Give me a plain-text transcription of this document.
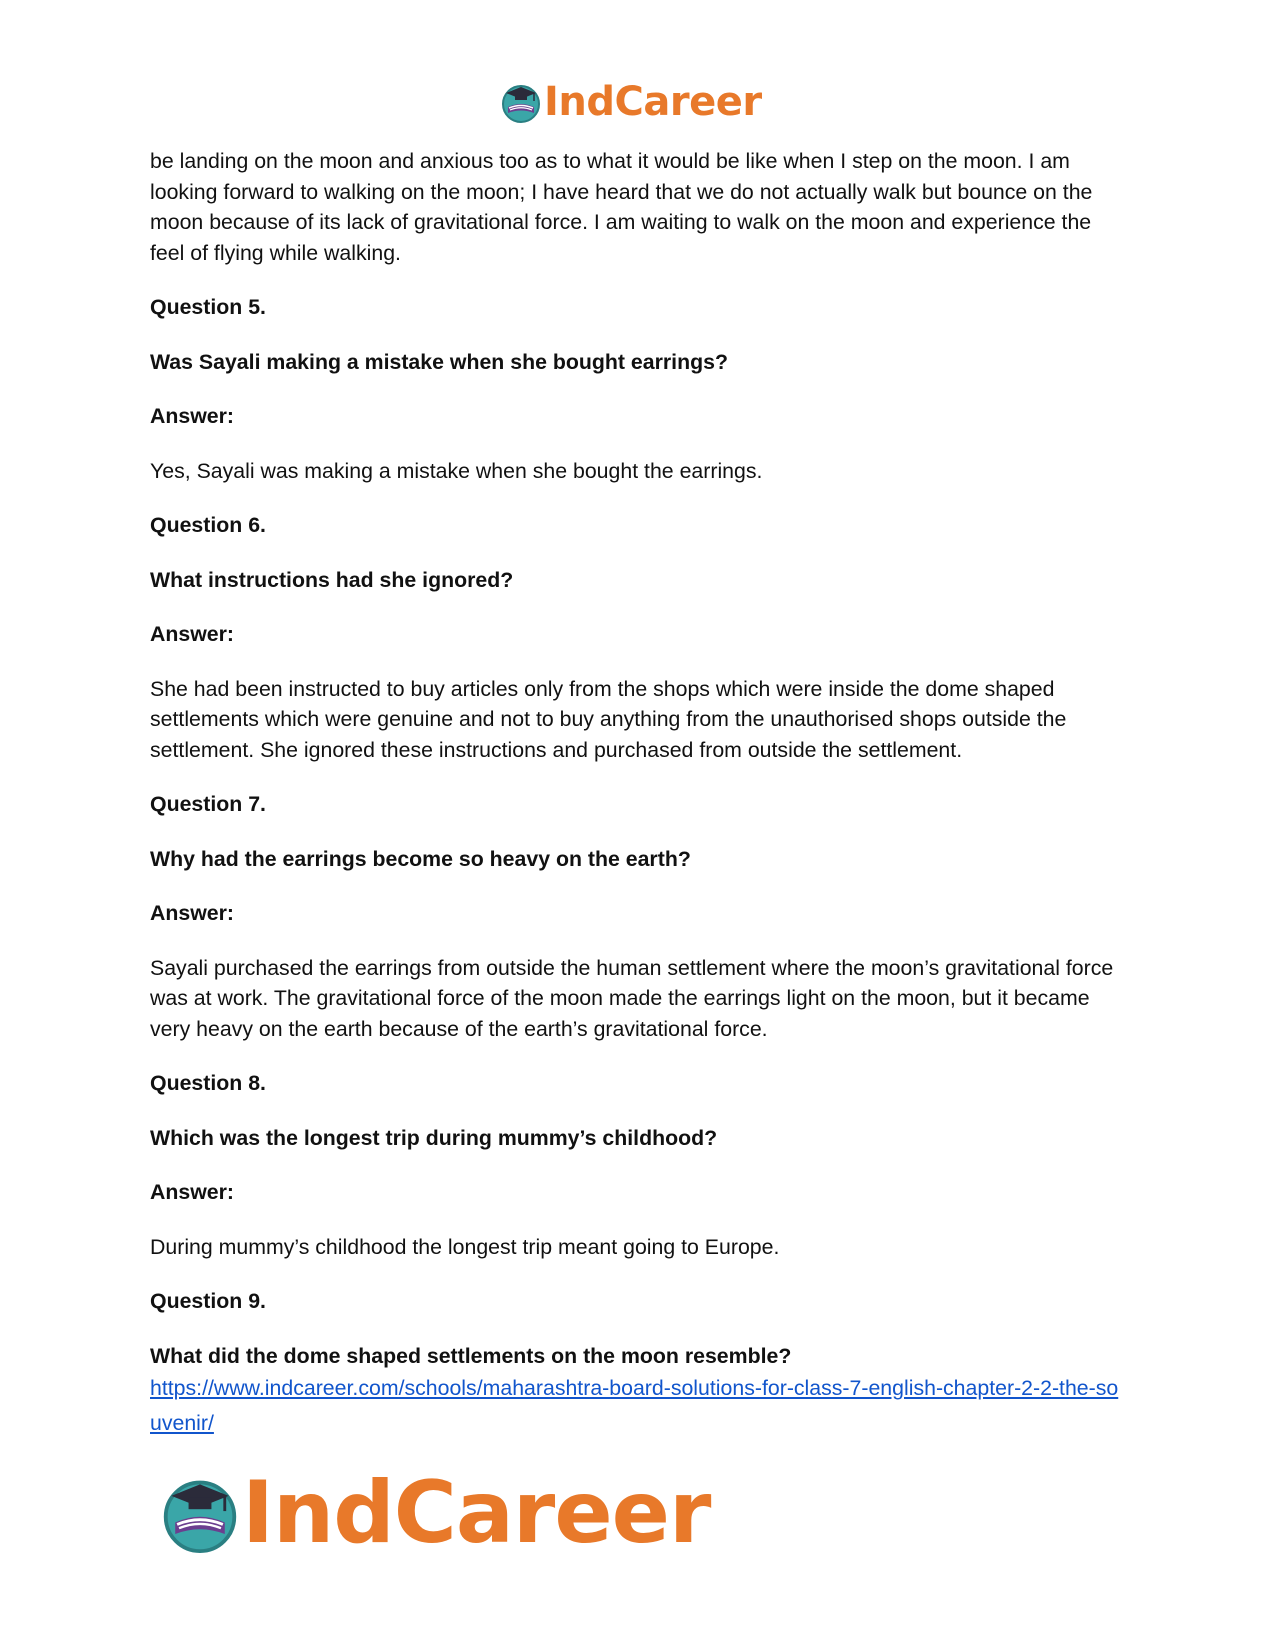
IndCareer

be landing on the moon and anxious too as to what it would be like when I step on the moon. I am looking forward to walking on the moon; I have heard that we do not actually walk but bounce on the moon because of its lack of gravitational force. I am waiting to walk on the moon and experience the feel of flying while walking.

Question 5.

Was Sayali making a mistake when she bought earrings?

Answer:

Yes, Sayali was making a mistake when she bought the earrings.

Question 6.

What instructions had she ignored?

Answer:

She had been instructed to buy articles only from the shops which were inside the dome shaped settlements which were genuine and not to buy anything from the unauthorised shops outside the settlement. She ignored these instructions and purchased from outside the settlement.

Question 7.

Why had the earrings become so heavy on the earth?

Answer:

Sayali purchased the earrings from outside the human settlement where the moon’s gravitational force was at work. The gravitational force of the moon made the earrings light on the moon, but it became very heavy on the earth because of the earth’s gravitational force.

Question 8.

Which was the longest trip during mummy’s childhood?

Answer:

During mummy’s childhood the longest trip meant going to Europe.

Question 9.

What did the dome shaped settlements on the moon resemble?

https://www.indcareer.com/schools/maharashtra-board-solutions-for-class-7-english-chapter-2-2-the-souvenir/
IndCareer
